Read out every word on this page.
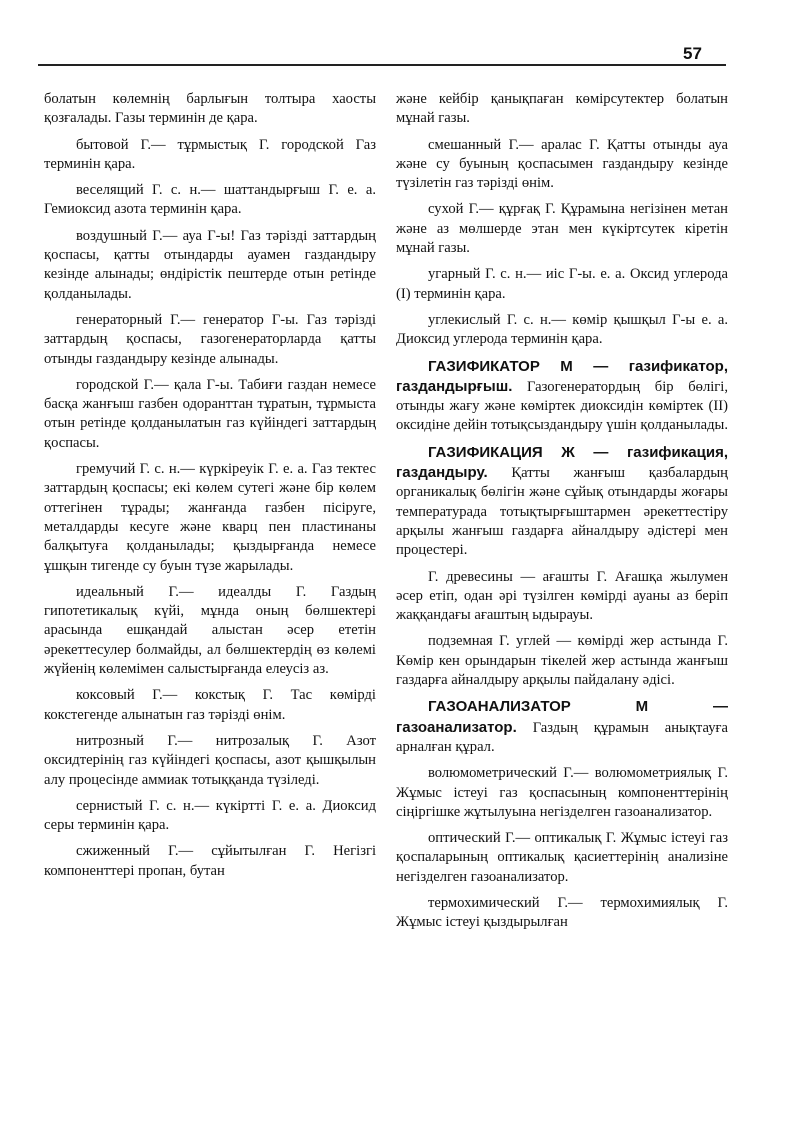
57

болатын көлемнің барлығын толтыра хаосты қозғалады. Газы терминін де қара.

бытовой Г.— тұрмыстық Г. городской Газ терминін қара.

веселящий Г. с. н.— шаттандырғыш Г. е. а. Гемиоксид азота терминін қара.

воздушный Г.— ауа Г-ы! Газ тәрізді заттардың қоспасы, қатты отындарды ауамен газдандыру кезінде алынады; өндірістік пештерде отын ретінде қолданылады.

генераторный Г.— генератор Г-ы. Газ тәрізді заттардың қоспасы, газогенераторларда қатты отынды газдандыру кезінде алынады.

городской Г.— қала Г-ы. Табиғи газдан немесе басқа жанғыш газбен одоранттан тұратын, тұрмыста отын ретінде қолданылатын газ күйіндегі заттардың қоспасы.

гремучий Г. с. н.— күркіреуік Г. е. а. Газ тектес заттардың қоспасы; екі көлем сутегі және бір көлем оттегінен тұрады; жанғанда газбен пісіруге, металдарды кесуге және кварц пен пластинаны балқытуға қолданылады; қыздырғанда немесе ұшқын тигенде су буын түзе жарылады.

идеальный Г.— идеалды Г. Газдың гипотетикалық күйі, мұнда оның бөлшектері арасында ешқандай алыстан әсер ететін әрекеттесулер болмайды, ал бөлшектердің өз көлемі жүйенің көлемімен салыстырғанда елеусіз аз.

коксовый Г.— кокстық Г. Тас көмірді кокстегенде алынатын газ тәрізді өнім.

нитрозный Г.— нитрозалық Г. Азот оксидтерінің газ күйіндегі қоспасы, азот қышқылын алу процесінде аммиак тотыққанда түзіледі.

сернистый Г. с. н.— күкіртті Г. е. а. Диоксид серы терминін қара.

сжиженный Г.— сұйытылған Г. Негізгі компоненттері пропан, бутан

және кейбір қанықпаған көмірсутектер болатын мұнай газы.

смешанный Г.— аралас Г. Қатты отынды ауа және су буының қоспасымен газдандыру кезінде түзілетін газ тәрізді өнім.

сухой Г.— құрғақ Г. Құрамына негізінен метан және аз мөлшерде этан мен күкіртсутек кіретін мұнай газы.

угарный Г. с. н.— иіс Г-ы. е. а. Оксид углерода (I) терминін қара.

углекислый Г. с. н.— көмір қышқыл Г-ы е. а. Диоксид углерода терминін қара.

ГАЗИФИКАТОР М — газификатор, газдандырғыш. Газогенератордың бір бөлігі, отынды жағу және көміртек диоксидін көміртек (II) оксидіне дейін тотықсыздандыру үшін қолданылады.

ГАЗИФИКАЦИЯ Ж — газификация, газдандыру. Қатты жанғыш қазбалардың органикалық бөлігін және сұйық отындарды жоғары температурада тотықтырғыштармен әрекеттестіру арқылы жанғыш газдарға айналдыру әдістері мен процестері.

Г. древесины — ағашты Г. Ағашқа жылумен әсер етіп, одан әрі түзілген көмірді ауаны аз беріп жаққандағы ағаштың ыдырауы.

подземная Г. углей — көмірді жер астында Г. Көмір кен орындарын тікелей жер астында жанғыш газдарға айналдыру арқылы пайдалану әдісі.

ГАЗОАНАЛИЗАТОР М — газоанализатор. Газдың құрамын анықтауға арналған құрал.

волюмометрический Г.— волюмометриялық Г. Жұмыс істеуі газ қоспасының компоненттерінің сіңіргішке жұтылуына негізделген газоанализатор.

оптический Г.— оптикалық Г. Жұмыс істеуі газ қоспаларының оптикалық қасиеттерінің анализіне негізделген газоанализатор.

термохимический Г.— термохимиялық Г. Жұмыс істеуі қыздырылған
